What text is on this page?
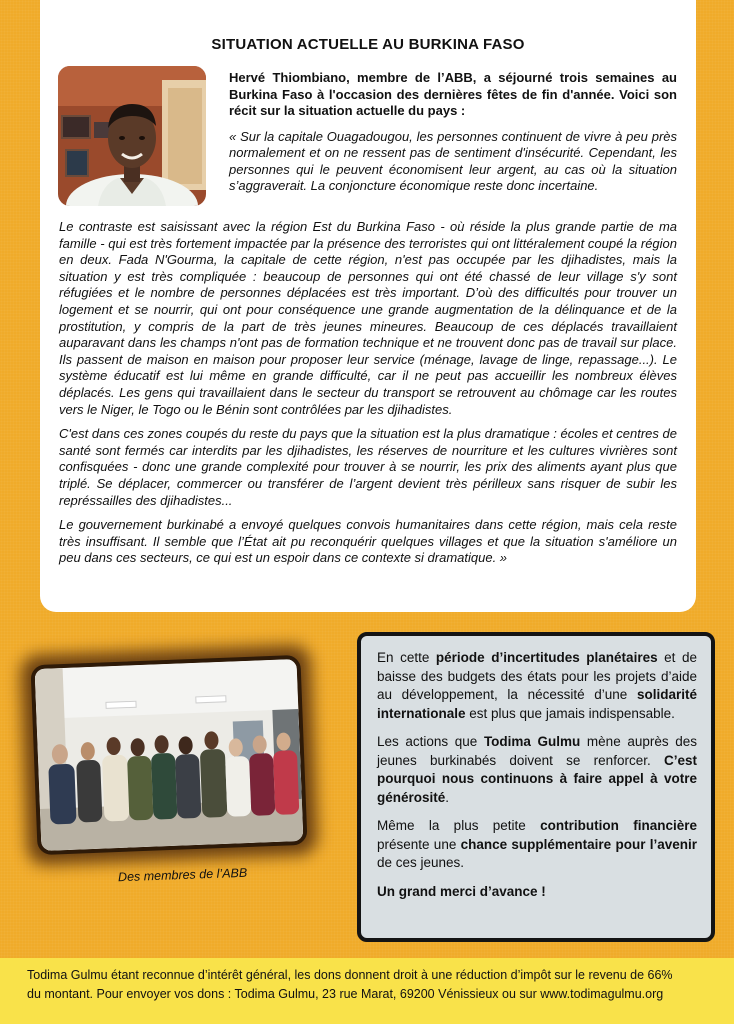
SITUATION ACTUELLE AU BURKINA FASO

Hervé Thiombiano, membre de l’ABB, a séjourné trois semaines au Burkina Faso à l'occasion des dernières fêtes de fin d'année. Voici son récit sur la situation actuelle du pays :

« Sur la capitale Ouagadougou, les personnes continuent de vivre à peu près normalement et on ne ressent pas de sentiment d'insécurité. Cependant, les personnes qui le peuvent économisent leur argent, au cas où la situation s’aggraverait. La conjoncture économique reste donc incertaine.

Le contraste est saisissant avec la région Est du Burkina Faso - où réside la plus grande partie de ma famille - qui est très fortement impactée par la présence des terroristes qui ont littéralement coupé la région en deux. Fada N'Gourma, la capitale de cette région, n'est pas occupée par les djihadistes, mais la situation y est très compliquée : beaucoup de personnes qui ont été chassé de leur village s'y sont réfugiées et le nombre de personnes déplacées est très important. D’où des difficultés pour trouver un logement et se nourrir, qui ont pour conséquence une grande augmentation de la délinquance et de la prostitution, y compris de la part de très jeunes mineures. Beaucoup de ces déplacés travaillaient auparavant dans les champs n'ont pas de formation technique et ne trouvent donc pas de travail sur place. Ils passent de maison en maison pour proposer leur service (ménage, lavage de linge, repassage...). Le système éducatif est lui même en grande difficulté, car il ne peut pas accueillir les nombreux élèves déplacés. Les gens qui travaillaient dans le secteur du transport se retrouvent au chômage car les routes vers le Niger, le Togo ou le Bénin sont contrôlées par les djihadistes.

C'est dans ces zones coupés du reste du pays que la situation est la plus dramatique : écoles et centres de santé sont fermés car interdits par les djihadistes, les réserves de nourriture et les cultures vivrières sont confisquées - donc une grande complexité pour trouver à se nourrir, les prix des aliments ayant plus que triplé. Se déplacer, commercer ou transférer de l’argent devient très périlleux sans risquer de subir les représsailles des djihadistes...

Le gouvernement burkinabé a envoyé quelques convois humanitaires dans cette région, mais cela reste très insuffisant. Il semble que l’État ait pu reconquérir quelques villages et que la situation s'améliore un peu dans ces secteurs, ce qui est un espoir dans ce contexte si dramatique. »

Des membres de l’ABB

En cette période d’incertitudes planétaires et de baisse des budgets des états pour les projets d’aide au développement, la nécessité d’une solidarité internationale est plus que jamais indispensable.

Les actions que Todima Gulmu mène auprès des jeunes burkinabés doivent se renforcer. C’est pourquoi nous continuons à faire appel à votre générosité.

Même la plus petite contribution financière présente une chance supplémentaire pour l’avenir de ces jeunes.

Un grand merci d’avance !

Todima Gulmu étant reconnue d’intérêt général, les dons donnent droit à une réduction d’impôt sur le revenu de 66%
du montant. Pour envoyer vos dons : Todima Gulmu, 23 rue Marat, 69200 Vénissieux ou sur www.todimagulmu.org
